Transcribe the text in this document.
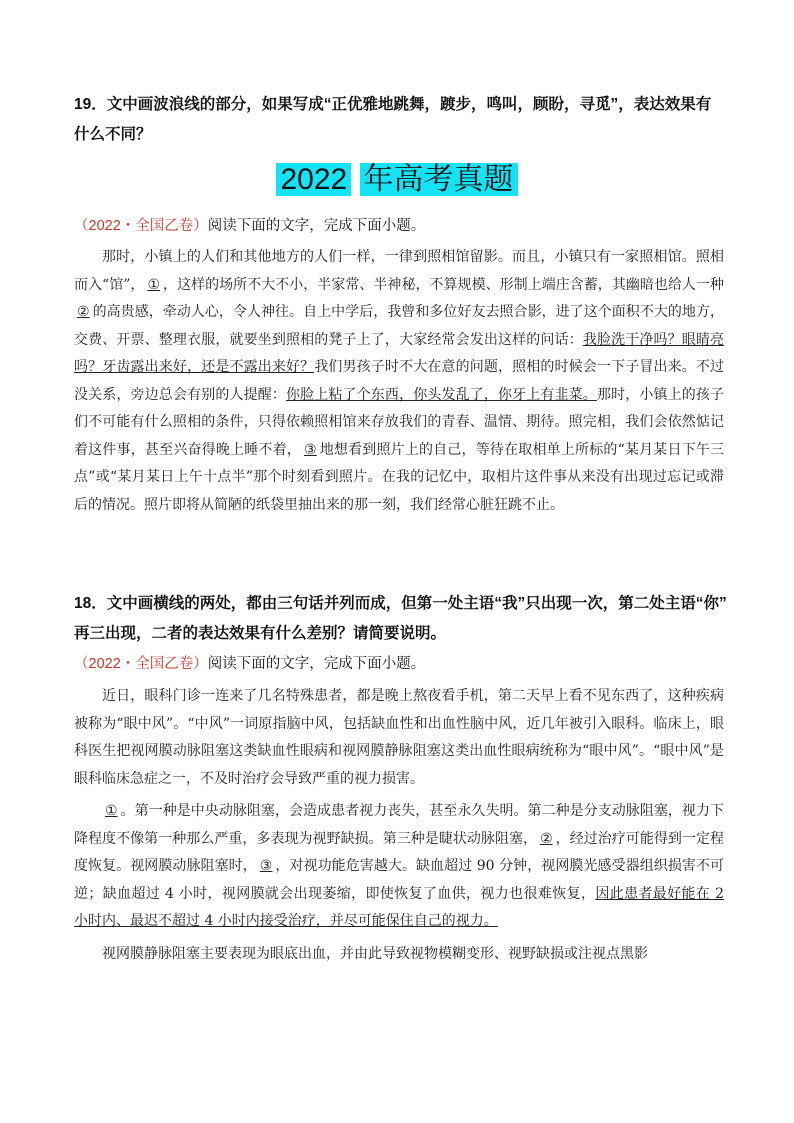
19．文中画波浪线的部分，如果写成“正优雅地跳舞，踱步，鸣叫，顾盼，寻觅”，表达效果有
什么不同？
2022 年高考真题
（2022・全国乙卷）阅读下面的文字，完成下面小题。

那时，小镇上的人们和其他地方的人们一样，一律到照相馆留影。而且，小镇只有一家照相馆。照相而入“馆”， ① ，这样的场所不大不小，半家常、半神秘，不算规模、形制上端庄含蓄，其幽暗也给人一种② 的高贵感，牵动人心，令人神往。自上中学后，我曾和多位好友去照合影，进了这个面积不大的地方，交费、开票、整理衣服，就要坐到照相的凳子上了，大家经常会发出这样的问话：我脸洗干净吗？眼睛亮吗？牙齿露出来好，还是不露出来好？我们男孩子时不大在意的问题，照相的时候会一下子冒出来。不过没关系，旁边总会有别的人提醒：你脸上粘了个东西，你头发乱了，你牙上有韭菜。那时，小镇上的孩子们不可能有什么照相的条件，只得依赖照相馆来存放我们的青春、温情、期待。照完相，我们会依然惦记着这件事，甚至兴奋得晚上睡不着， ③ 地想看到照片上的自己，等待在取相单上所标的“某月某日下午三点”或“某月某日上午十点半”那个时刻看到照片。在我的记忆中，取相片这件事从来没有出现过忘记或滞后的情况。照片即将从简陋的纸袋里抽出来的那一刻，我们经常心脏狂跳不止。

18．文中画横线的两处，都由三句话并列而成，但第一处主语“我”只出现一次，第二处主语“你”
再三出现，二者的表达效果有什么差别？请简要说明。
（2022・全国乙卷）阅读下面的文字，完成下面小题。

近日，眼科门诊一连来了几名特殊患者，都是晚上熬夜看手机，第二天早上看不见东西了，这种疾病被称为“眼中风”。“中风”一词原指脑中风，包括缺血性和出血性脑中风，近几年被引入眼科。临床上，眼科医生把视网膜动脉阻塞这类缺血性眼病和视网膜静脉阻塞这类出血性眼病统称为“眼中风”。“眼中风”是眼科临床急症之一，不及时治疗会导致严重的视力损害。

① 。第一种是中央动脉阻塞，会造成患者视力丧失，甚至永久失明。第二种是分支动脉阻塞，视力下降程度不像第一种那么严重，多表现为视野缺损。第三种是睫状动脉阻塞， ② ，经过治疗可能得到一定程度恢复。视网膜动脉阻塞时， ③ ，对视功能危害越大。缺血超过 90 分钟，视网膜光感受器组织损害不可逆；缺血超过 4 小时，视网膜就会出现萎缩，即使恢复了血供，视力也很难恢复，因此患者最好能在 2 小时内、最迟不超过 4 小时内接受治疗，并尽可能保住自己的视力。

视网膜静脉阻塞主要表现为眼底出血，并由此导致视物模糊变形、视野缺损或注视点黑影
